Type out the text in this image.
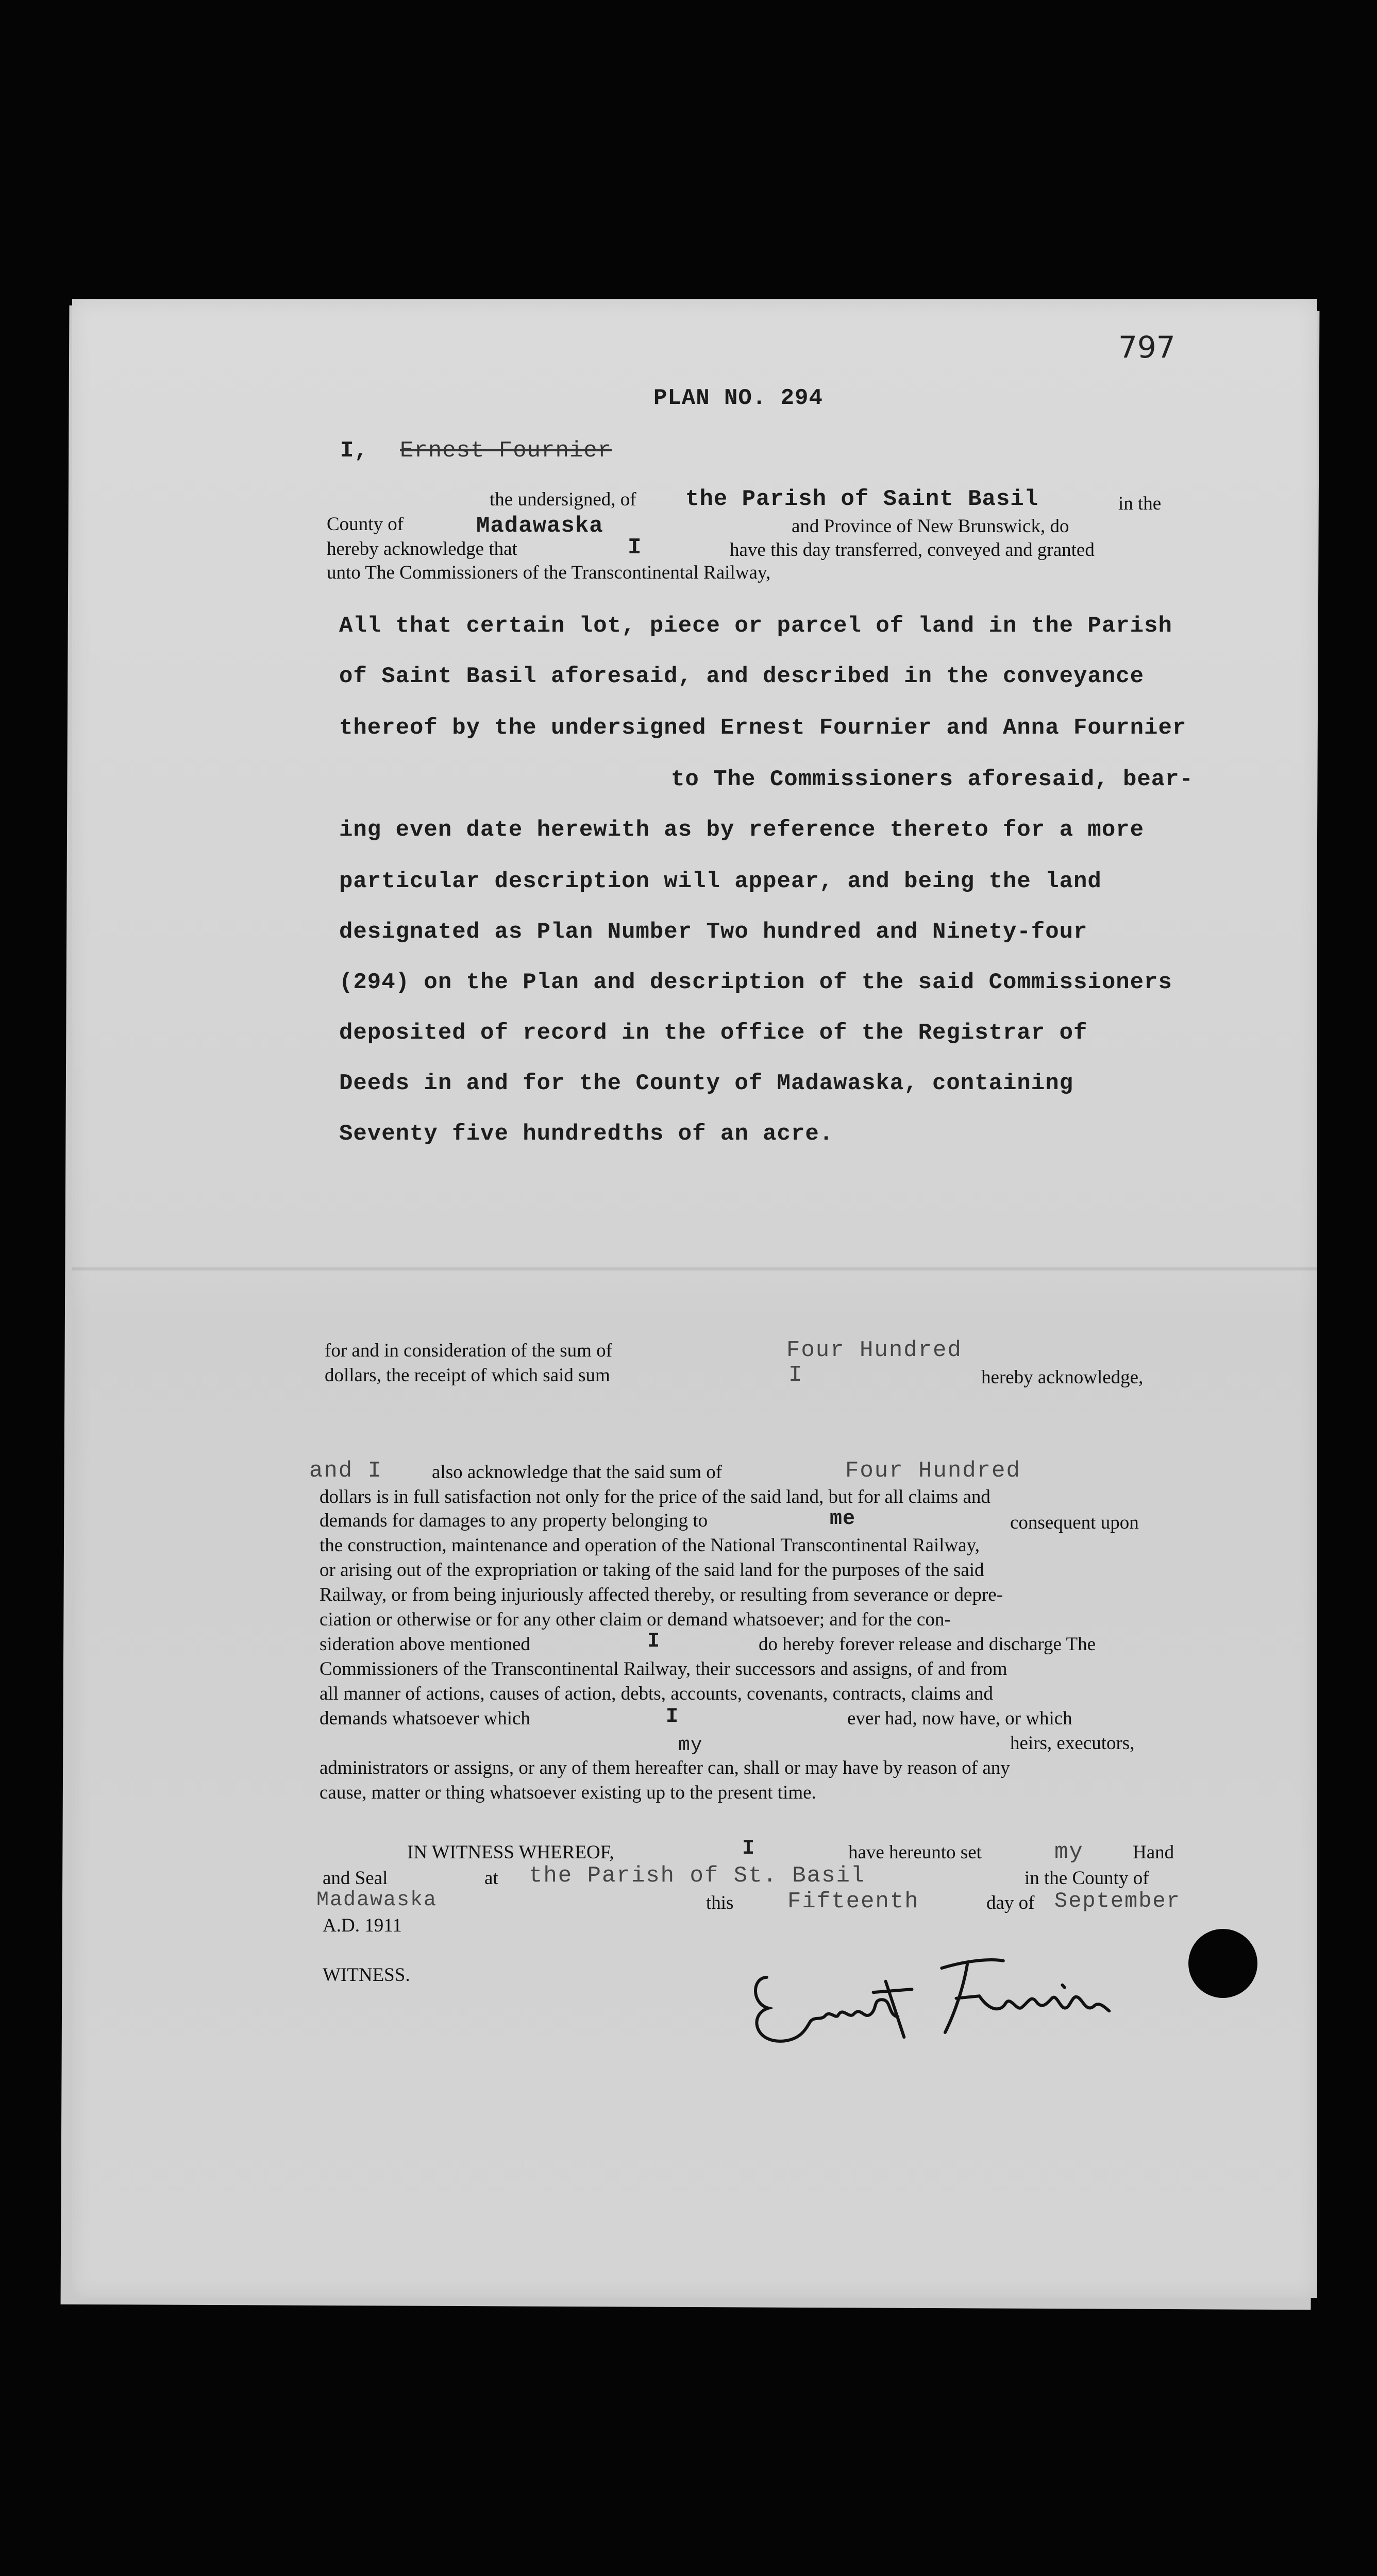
797
PLAN NO. 294
I, Ernest Fournier
the undersigned, of the Parish of Saint Basil	in the
County of	Madawaska	and Province of New Brunswick, do
hereby acknowledge that	I	have this day transferred, conveyed and granted
unto The Commissioners of the Transcontinental Railway,
All that certain lot, piece or parcel of land in the Parish
of Saint Basil aforesaid, and described in the conveyance
thereof by the undersigned Ernest Fournier and Anna Fournier
to The Commissioners aforesaid, bear-
ing even date herewith as by reference thereto for a more
particular description will appear, and being the land
designated as Plan Number Two hundred and Ninety-four
(294) on the Plan and description of the said Commissioners
deposited of record in the office of the Registrar of
Deeds in and for the County of Madawaska, containing
Seventy five hundredths of an acre.
for and in consideration of the sum of	Four Hundred
dollars, the receipt of which said sum	I	hereby acknowledge,
and I	also acknowledge that the said sum of	Four Hundred
dollars is in full satisfaction not only for the price of the said land, but for all claims and
demands for damages to any property belonging to	me	consequent upon
the construction, maintenance and operation of the National Transcontinental Railway,
or arising out of the expropriation or taking of the said land for the purposes of the said
Railway, or from being injuriously affected thereby, or resulting from severance or depre-
ciation or otherwise or for any other claim or demand whatsoever; and for the con-
sideration above mentioned	I	do hereby forever release and discharge The
Commissioners of the Transcontinental Railway, their successors and assigns, of and from
all manner of actions, causes of action, debts, accounts, covenants, contracts, claims and
demands whatsoever which	I	ever had, now have, or which
my	heirs, executors,
administrators or assigns, or any of them hereafter can, shall or may have by reason of any
cause, matter or thing whatsoever existing up to the present time.
IN WITNESS WHEREOF,	I	have hereunto set	my	Hand
and Seal	at the Parish of St. Basil	in the County of
Madawaska	this Fifteenth	day of September
A.D. 1911
WITNESS.
